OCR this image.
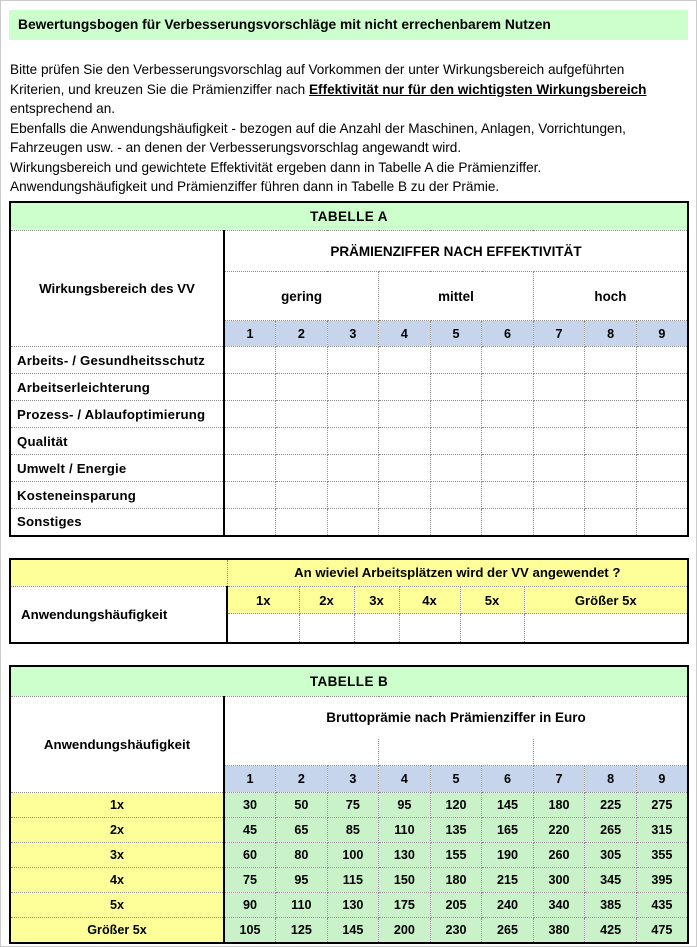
Bewertungsbogen für Verbesserungsvorschläge mit nicht errechenbarem Nutzen

Bitte prüfen Sie den Verbesserungsvorschlag auf Vorkommen der unter Wirkungsbereich aufgeführten
Kriterien, und kreuzen Sie die Prämienziffer nach Effektivität nur für den wichtigsten Wirkungsbereich
entsprechend an.
Ebenfalls die Anwendungshäufigkeit - bezogen auf die Anzahl der Maschinen, Anlagen, Vorrichtungen,
Fahrzeugen usw. - an denen der Verbesserungsvorschlag angewandt wird.
Wirkungsbereich und gewichtete Effektivität ergeben dann in Tabelle A die Prämienziffer.
Anwendungshäufigkeit und Prämienziffer führen dann in Tabelle B zu der Prämie.

TABELLE A									
Wirkungsbereich des VV	PRÄMIENZIFFER NACH EFFEKTIVITÄT								
	gering			mittel			hoch		
	1	2	3	4	5	6	7	8	9
Arbeits- / Gesundheitsschutz									
Arbeitserleichterung									
Prozess- / Ablaufoptimierung									
Qualität									
Umwelt / Energie									
Kosteneinsparung									
Sonstiges									
	An wieviel Arbeitsplätzen wird der VV angewendet ?					
Anwendungshäufigkeit	1x	2x	3x	4x	5x	Größer 5x

TABELLE B									
Anwendungshäufigkeit	Bruttoprämie nach Prämienziffer in Euro								

	1	2	3	4	5	6	7	8	9
1x	30	50	75	95	120	145	180	225	275
2x	45	65	85	110	135	165	220	265	315
3x	60	80	100	130	155	190	260	305	355
4x	75	95	115	150	180	215	300	345	395
5x	90	110	130	175	205	240	340	385	435
Größer 5x	105	125	145	200	230	265	380	425	475
